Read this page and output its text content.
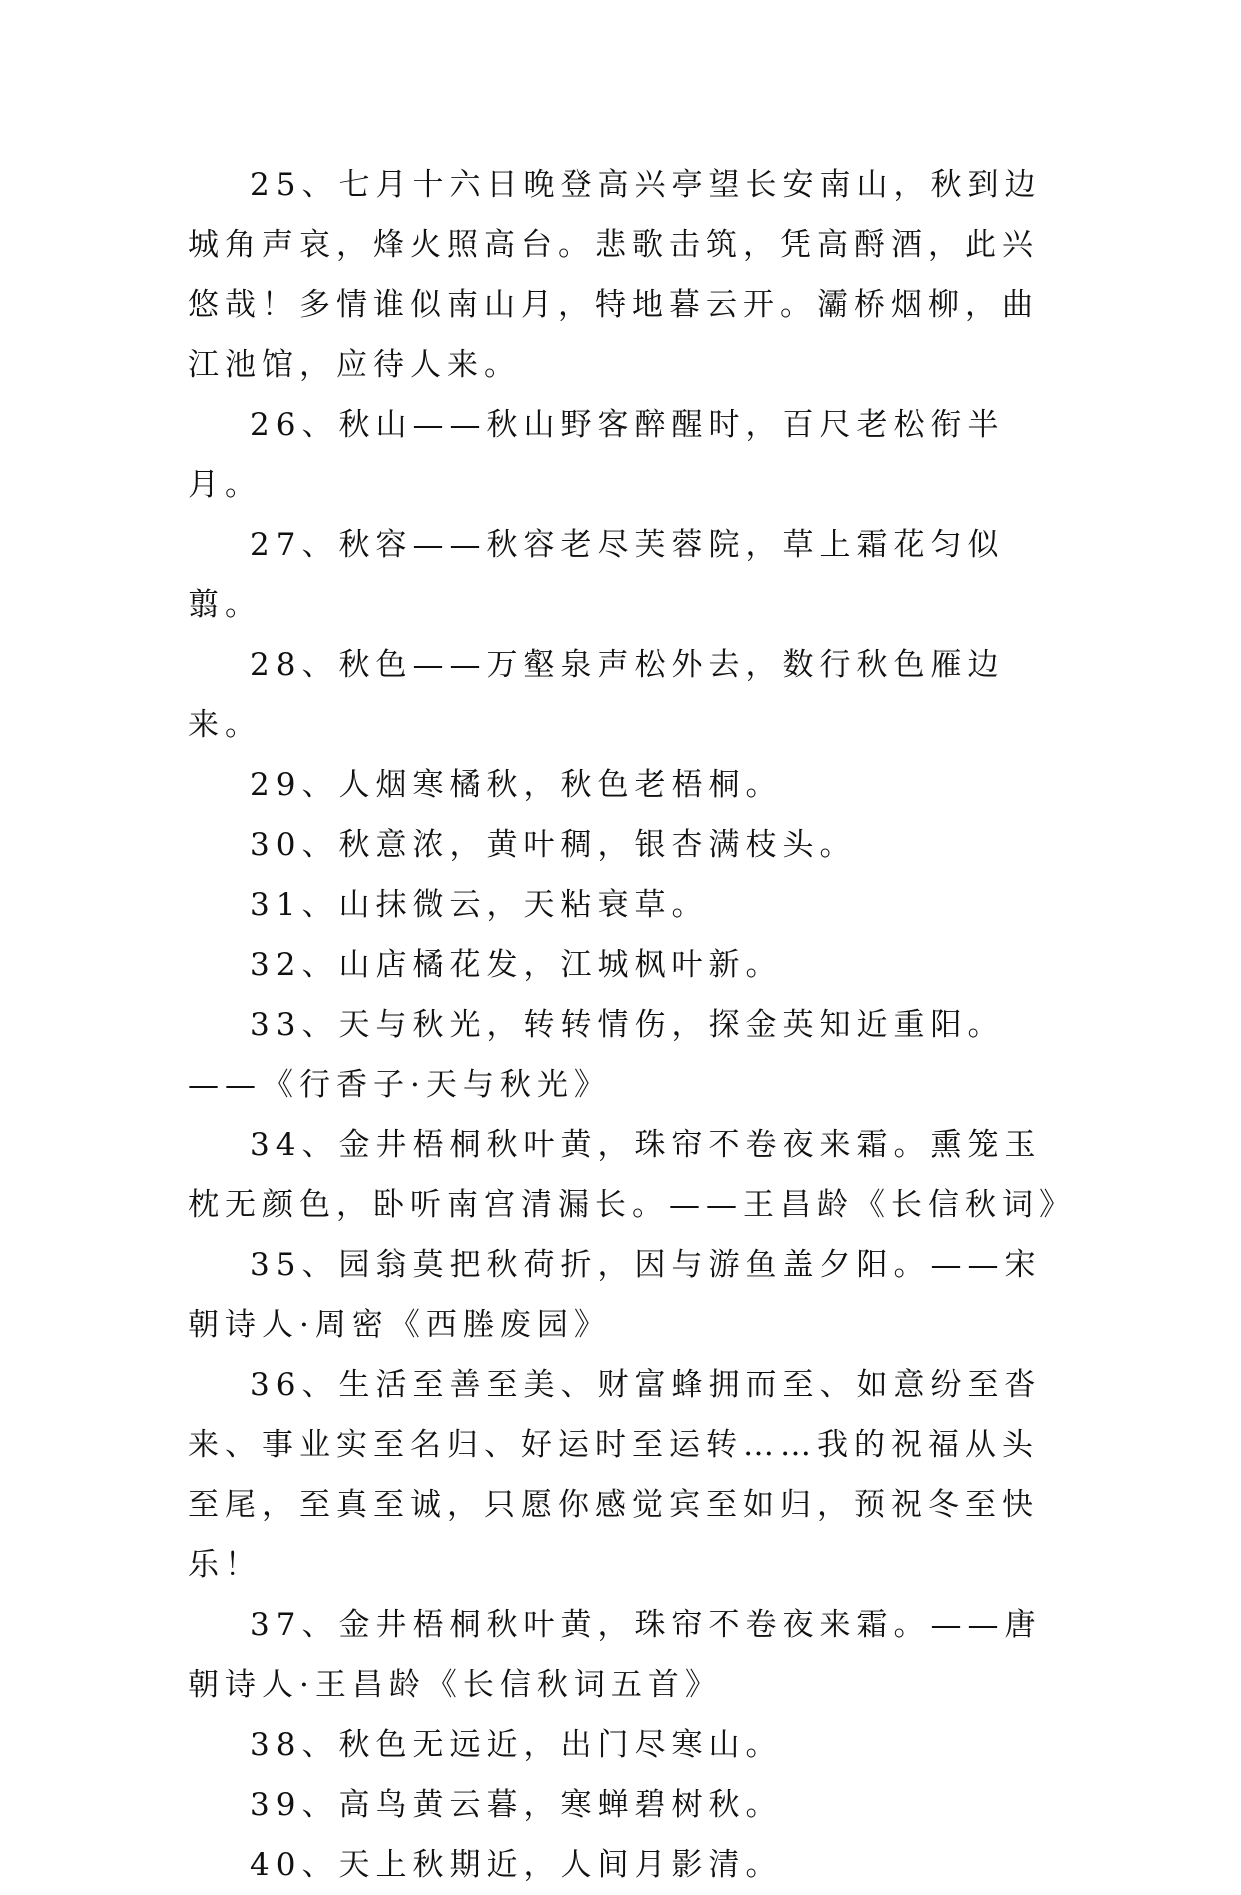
25、七月十六日晚登高兴亭望长安南山，秋到边城角声哀，烽火照高台。悲歌击筑，凭高酹酒，此兴悠哉！多情谁似南山月，特地暮云开。灞桥烟柳，曲江池馆，应待人来。

26、秋山——秋山野客醉醒时，百尺老松衔半月。

27、秋容——秋容老尽芙蓉院，草上霜花匀似翦。

28、秋色——万壑泉声松外去，数行秋色雁边来。

29、人烟寒橘秋，秋色老梧桐。

30、秋意浓，黄叶稠，银杏满枝头。

31、山抹微云，天粘衰草。

32、山店橘花发，江城枫叶新。

33、天与秋光，转转情伤，探金英知近重阳。——《行香子·天与秋光》

34、金井梧桐秋叶黄，珠帘不卷夜来霜。熏笼玉枕无颜色，卧听南宫清漏长。——王昌龄《长信秋词》

35、园翁莫把秋荷折，因与游鱼盖夕阳。——宋朝诗人·周密《西塍废园》

36、生活至善至美、财富蜂拥而至、如意纷至沓来、事业实至名归、好运时至运转……我的祝福从头至尾，至真至诚，只愿你感觉宾至如归，预祝冬至快乐！

37、金井梧桐秋叶黄，珠帘不卷夜来霜。——唐朝诗人·王昌龄《长信秋词五首》

38、秋色无远近，出门尽寒山。

39、高鸟黄云暮，寒蝉碧树秋。

40、天上秋期近，人间月影清。
